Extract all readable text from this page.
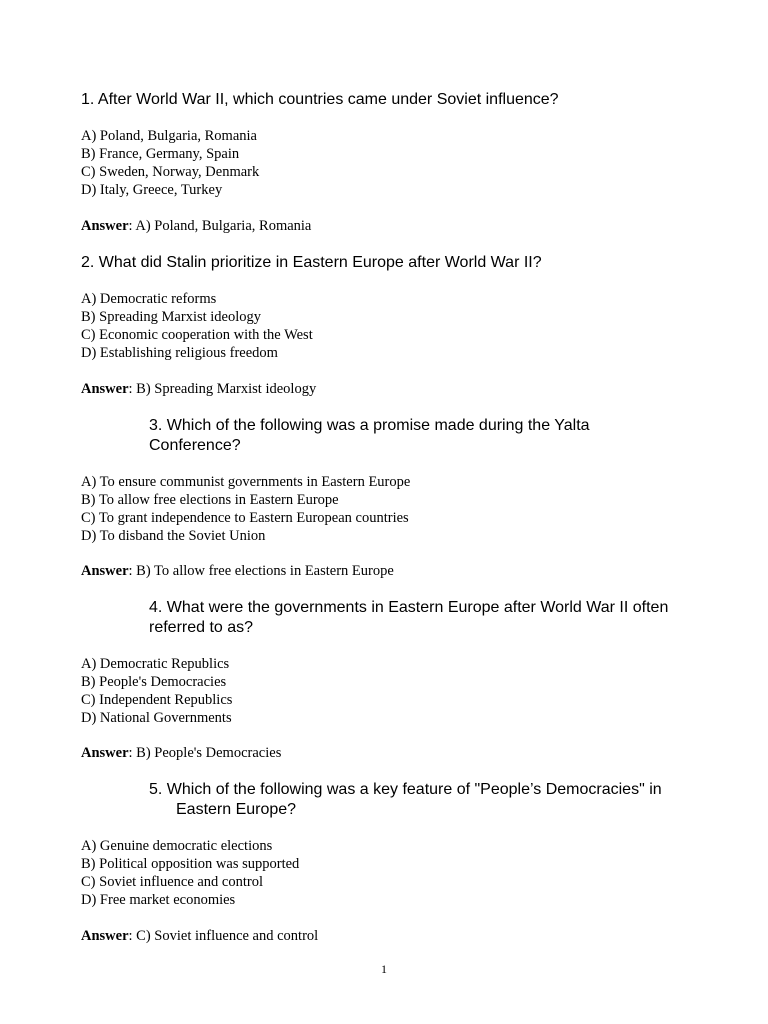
1. After World War II, which countries came under Soviet influence?

A) Poland, Bulgaria, Romania
B) France, Germany, Spain
C) Sweden, Norway, Denmark
D) Italy, Greece, Turkey

Answer: A) Poland, Bulgaria, Romania

2. What did Stalin prioritize in Eastern Europe after World War II?

A) Democratic reforms
B) Spreading Marxist ideology
C) Economic cooperation with the West
D) Establishing religious freedom

Answer: B) Spreading Marxist ideology

3. Which of the following was a promise made during the Yalta
Conference?

A) To ensure communist governments in Eastern Europe
B) To allow free elections in Eastern Europe
C) To grant independence to Eastern European countries
D) To disband the Soviet Union

Answer: B) To allow free elections in Eastern Europe

4. What were the governments in Eastern Europe after World War II often
referred to as?

A) Democratic Republics
B) People's Democracies
C) Independent Republics
D) National Governments

Answer: B) People's Democracies

5. Which of the following was a key feature of "People’s Democracies" in
Eastern Europe?

A) Genuine democratic elections
B) Political opposition was supported
C) Soviet influence and control
D) Free market economies

Answer: C) Soviet influence and control

1
